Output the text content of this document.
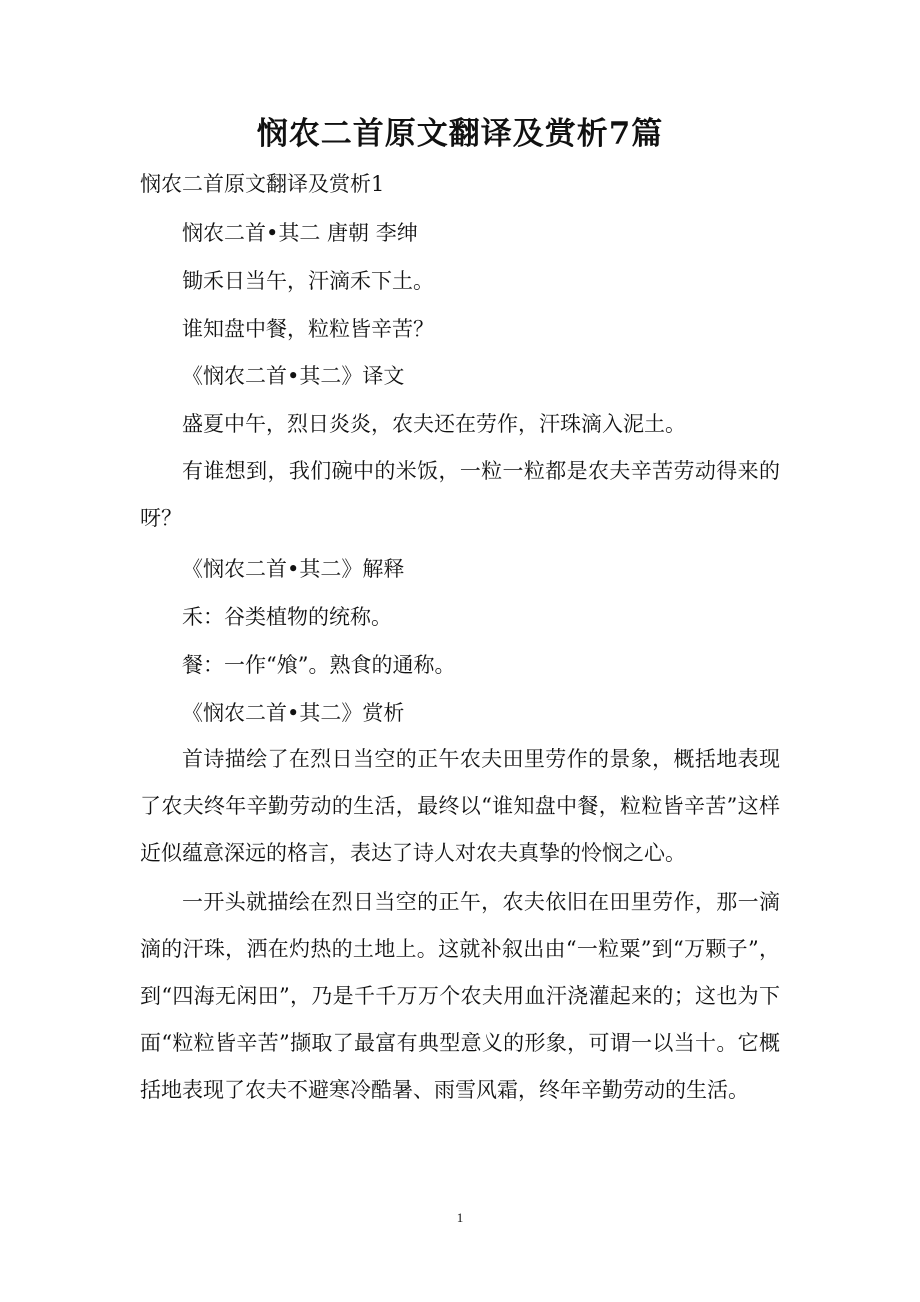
悯农二首原文翻译及赏析7篇
悯农二首原文翻译及赏析1
悯农二首•其二 唐朝 李绅
锄禾日当午，汗滴禾下土。
谁知盘中餐，粒粒皆辛苦？
《悯农二首•其二》译文
盛夏中午，烈日炎炎，农夫还在劳作，汗珠滴入泥土。
有谁想到，我们碗中的米饭，一粒一粒都是农夫辛苦劳动得来的呀？
《悯农二首•其二》解释
禾：谷类植物的统称。
餐：一作“飧”。熟食的通称。
《悯农二首•其二》赏析
首诗描绘了在烈日当空的正午农夫田里劳作的景象，概括地表现了农夫终年辛勤劳动的生活，最终以“谁知盘中餐，粒粒皆辛苦”这样近似蕴意深远的格言，表达了诗人对农夫真挚的怜悯之心。
一开头就描绘在烈日当空的正午，农夫依旧在田里劳作，那一滴滴的汗珠，洒在灼热的土地上。这就补叙出由“一粒粟”到“万颗子”，到“四海无闲田”，乃是千千万万个农夫用血汗浇灌起来的；这也为下面“粒粒皆辛苦”撷取了最富有典型意义的形象，可谓一以当十。它概括地表现了农夫不避寒冷酷暑、雨雪风霜，终年辛勤劳动的生活。
1
